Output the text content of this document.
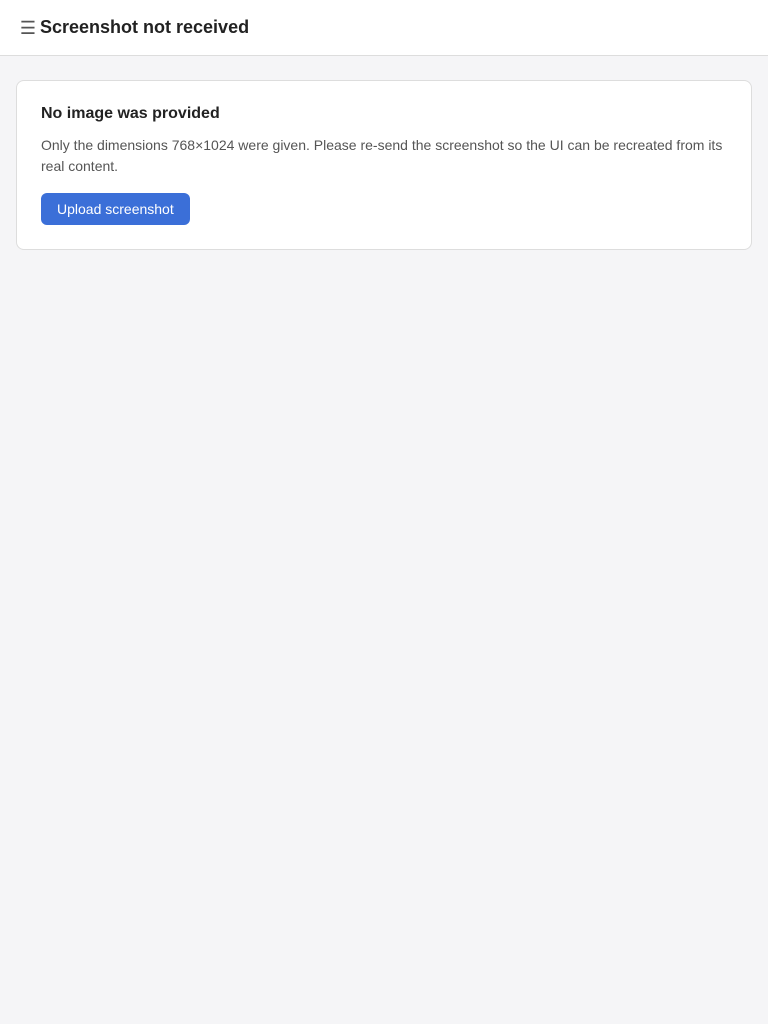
☰ Screenshot not received
No image was provided

Only the dimensions 768×1024 were given. Please re-send the screenshot so the UI can be recreated from its real content.

Upload screenshot
